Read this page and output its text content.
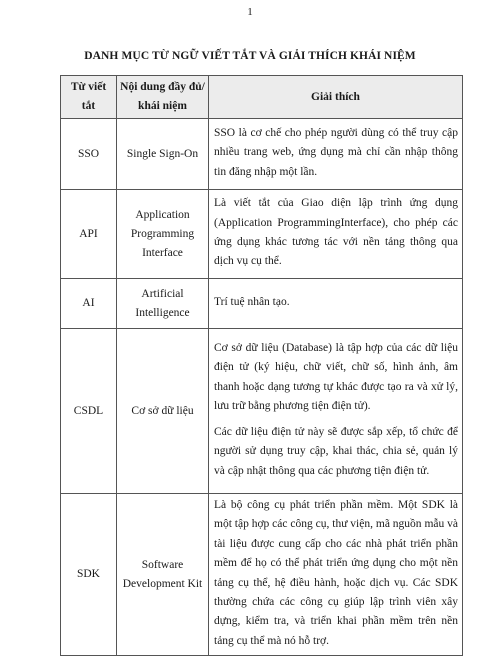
1
DANH MỤC TỪ NGỮ VIẾT TẮT VÀ GIẢI THÍCH KHÁI NIỆM
Từ viết tắt	Nội dung đầy đủ/ khái niệm	Giải thích
SSO	Single Sign-On	SSO là cơ chế cho phép người dùng có thể truy cập nhiều trang web, ứng dụng mà chỉ cần nhập thông tin đăng nhập một lần.

API	Application Programming Interface	Là viết tắt của Giao diện lập trình ứng dụng (Application ProgrammingInterface), cho phép các ứng dụng khác tương tác với nền tảng thông qua dịch vụ cụ thể.

AI	Artificial Intelligence	Trí tuệ nhân tạo.

CSDL	Cơ sở dữ liệu	Cơ sở dữ liệu (Database) là tập hợp của các dữ liệu điện tử (ký hiệu, chữ viết, chữ số, hình ảnh, âm thanh hoặc dạng tương tự khác được tạo ra và xử lý, lưu trữ bằng phương tiện điện tử).

Các dữ liệu điện tử này sẽ được sắp xếp, tổ chức để người sử dụng truy cập, khai thác, chia sẻ, quản lý và cập nhật thông qua các phương tiện điện tử.

SDK	Software Development Kit	Là bộ công cụ phát triển phần mềm. Một SDK là một tập hợp các công cụ, thư viện, mã nguồn mẫu và tài liệu được cung cấp cho các nhà phát triển phần mềm để họ có thể phát triển ứng dụng cho một nền tảng cụ thể, hệ điều hành, hoặc dịch vụ. Các SDK thường chứa các công cụ giúp lập trình viên xây dựng, kiểm tra, và triển khai phần mềm trên nền tảng cụ thể mà nó hỗ trợ.
